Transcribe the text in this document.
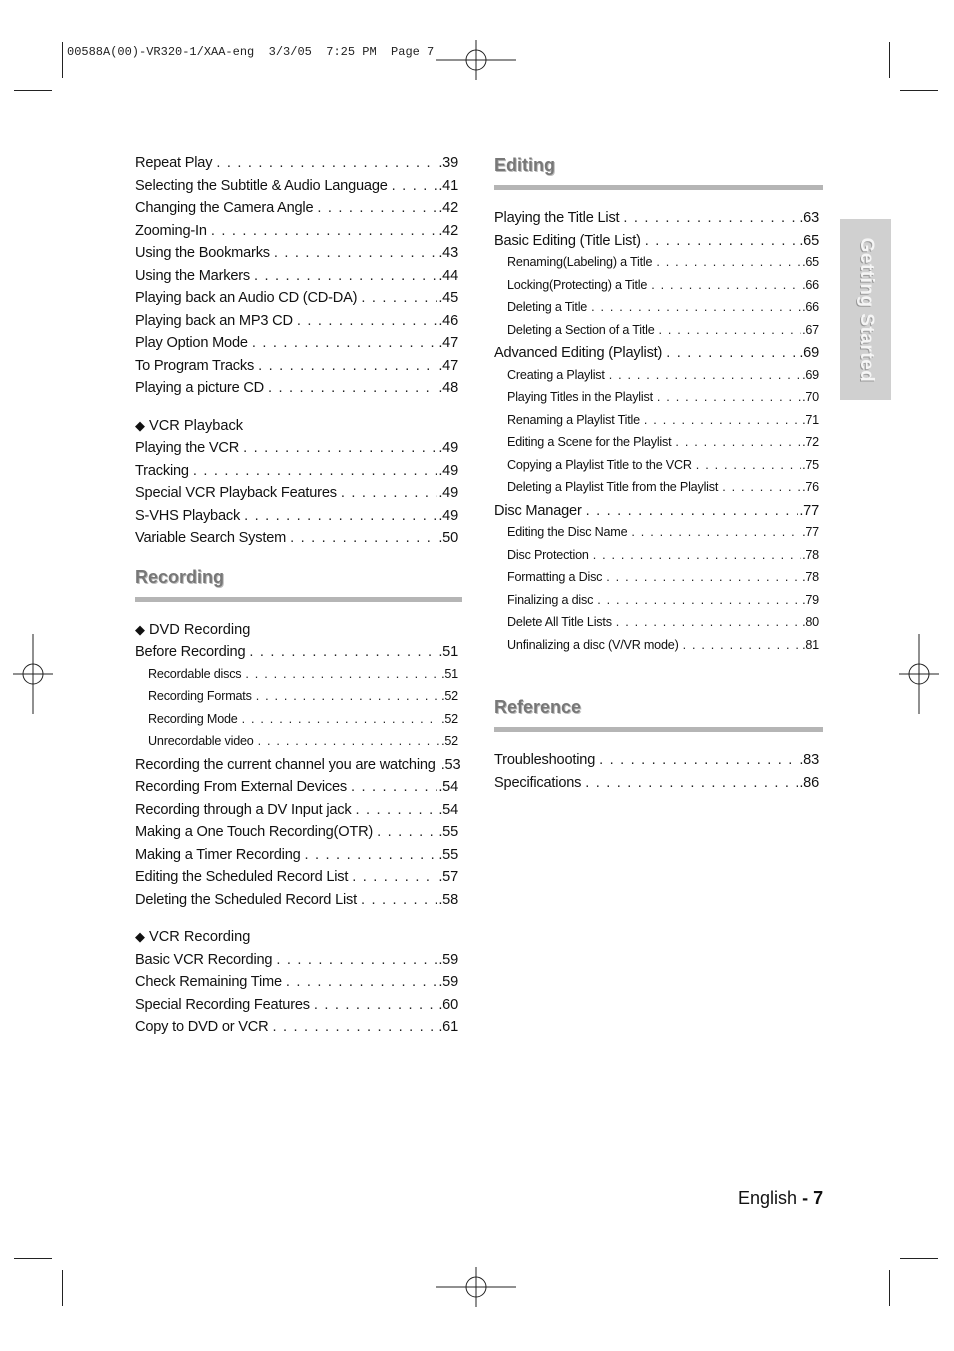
00588A(00)-VR320-1/XAA-eng  3/3/05  7:25 PM  Page 7
Getting Started
Repeat Play . . .	.39
Selecting the Subtitle & Audio Language . . .	.41
Changing the Camera Angle . . .	.42
Zooming-In . . .	.42
Using the Bookmarks . . .	.43
Using the Markers . . .	.44
Playing back an Audio CD (CD-DA) . . .	.45
Playing back an MP3 CD . . .	.46
Play Option Mode . . .	.47
To Program Tracks . . .	.47
Playing a picture CD . . .	.48
◆ VCR Playback
Playing the VCR . . .	.49
Tracking . . .	.49
Special VCR Playback Features . . .	.49
S-VHS Playback . . .	.49
Variable Search System . . .	.50
Recording
◆ DVD Recording
Before Recording . . .	.51
Recordable discs . . .	.51
Recording Formats . . .	.52
Recording Mode . . .	.52
Unrecordable video . . .	.52
Recording the current channel you are watching .53
Recording From External Devices . . .	.54
Recording through a DV Input jack . . .	.54
Making a One Touch Recording(OTR) . . .	.55
Making a Timer Recording . . .	.55
Editing the Scheduled Record List . . .	.57
Deleting the Scheduled Record List . . .	.58
◆ VCR Recording
Basic VCR Recording . . .	.59
Check Remaining Time . . .	.59
Special Recording Features . . .	.60
Copy to DVD or VCR . . .	.61
Editing
Playing the Title List . . .	.63
Basic Editing (Title List) . . .	.65
Renaming(Labeling) a Title . . .	.65
Locking(Protecting) a Title . . .	.66
Deleting a Title . . .	.66
Deleting a Section of a Title . . .	.67
Advanced Editing (Playlist) . . .	.69
Creating a Playlist . . .	.69
Playing Titles in the Playlist . . .	.70
Renaming a Playlist Title . . .	.71
Editing a Scene for the Playlist . . .	.72
Copying a Playlist Title to the VCR . . .	.75
Deleting a Playlist Title from the Playlist . . .	.76
Disc Manager . . .	.77
Editing the Disc Name . . .	.77
Disc Protection . . .	.78
Formatting a Disc . . .	.78
Finalizing a disc . . .	.79
Delete All Title Lists . . .	.80
Unfinalizing a disc (V/VR mode) . . .	.81
Reference
Troubleshooting . . .	.83
Specifications . . .	.86
English - 7
